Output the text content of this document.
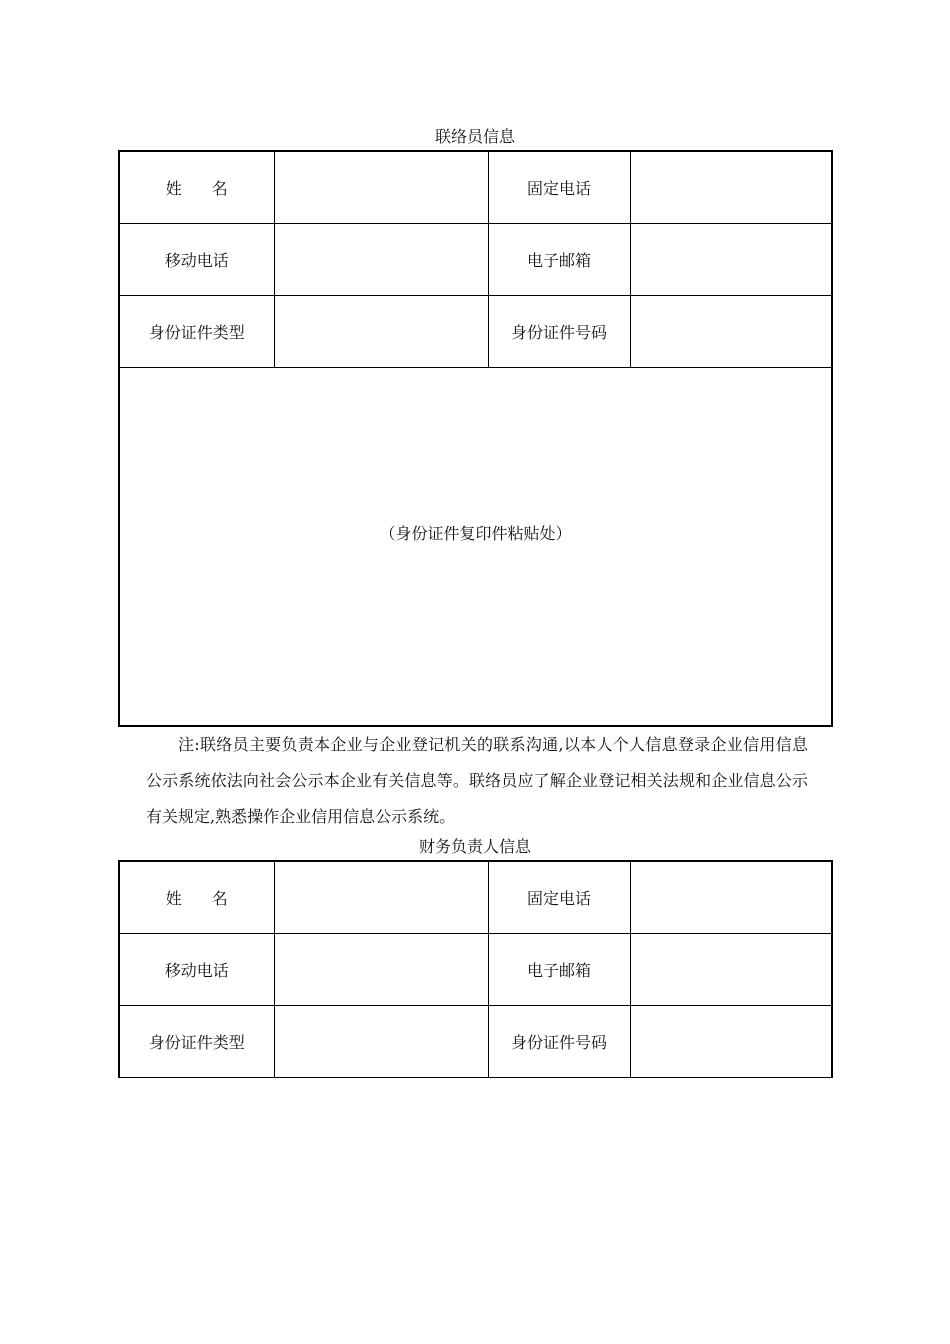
联络员信息
姓 名		固定电话	
移动电话		电子邮箱	
身份证件类型		身份证件号码	
（身份证件复印件粘贴处）			

注:联络员主要负责本企业与企业登记机关的联系沟通,以本人个人信息登录企业信用信息公示系统依法向社会公示本企业有关信息等。联络员应了解企业登记相关法规和企业信息公示有关规定,熟悉操作企业信用信息公示系统。

财务负责人信息
姓 名		固定电话	
移动电话		电子邮箱	
身份证件类型		身份证件号码	
